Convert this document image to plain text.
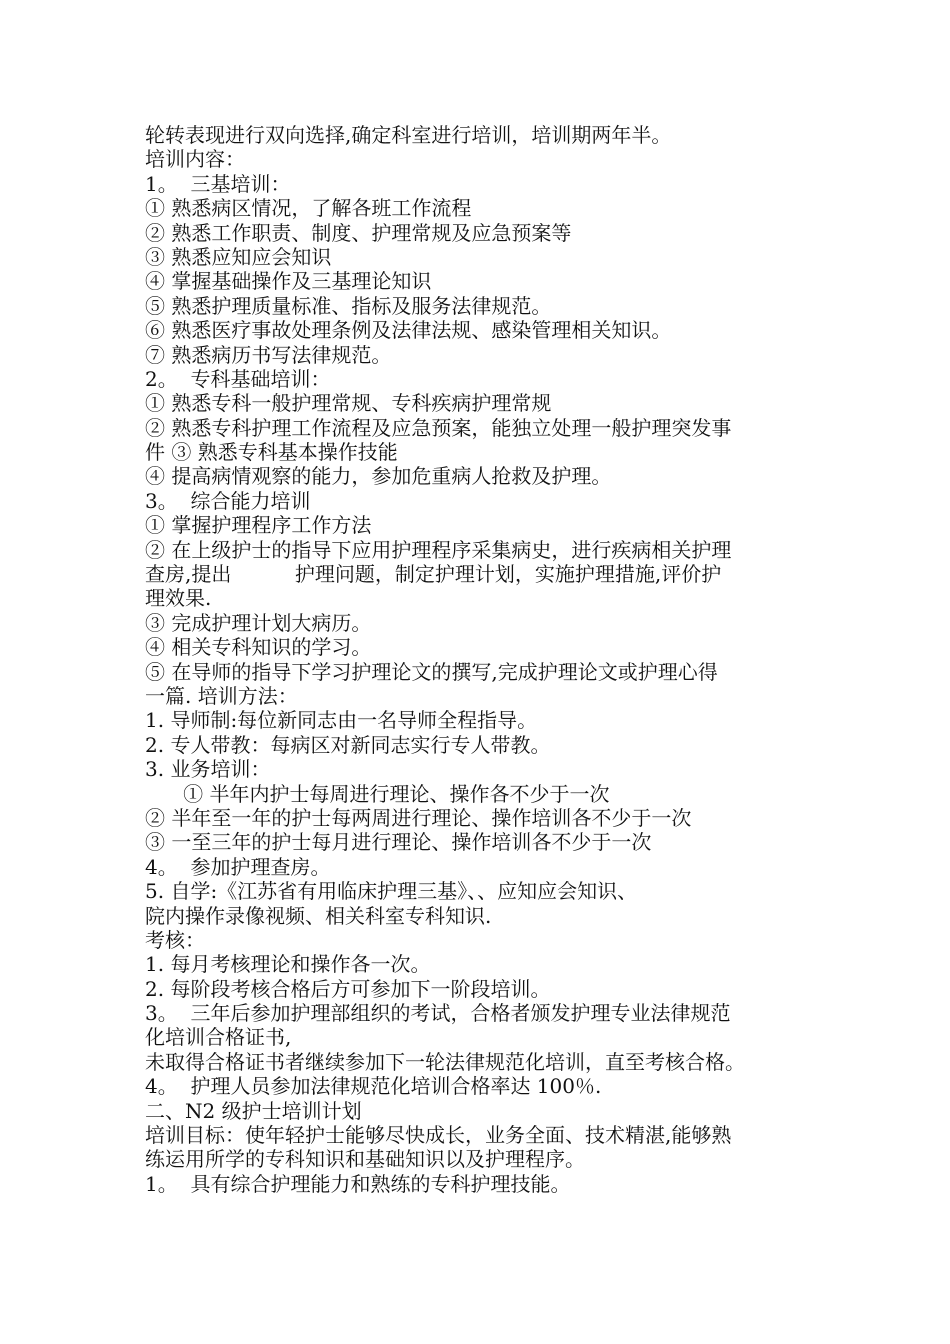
轮转表现进行双向选择,确定科室进行培训，培训期两年半。
培训内容：
1。  三基培训：
① 熟悉病区情况，了解各班工作流程
② 熟悉工作职责、制度、护理常规及应急预案等
③ 熟悉应知应会知识
④ 掌握基础操作及三基理论知识
⑤ 熟悉护理质量标准、指标及服务法律规范。
⑥ 熟悉医疗事故处理条例及法律法规、感染管理相关知识。
⑦ 熟悉病历书写法律规范。
2。  专科基础培训：
① 熟悉专科一般护理常规、专科疾病护理常规
② 熟悉专科护理工作流程及应急预案，能独立处理一般护理突发事
件 ③ 熟悉专科基本操作技能
④ 提高病情观察的能力，参加危重病人抢救及护理。
3。  综合能力培训
① 掌握护理程序工作方法
② 在上级护士的指导下应用护理程序采集病史，进行疾病相关护理
查房,提出          护理问题，制定护理计划，实施护理措施,评价护
理效果.
③ 完成护理计划大病历。
④ 相关专科知识的学习。
⑤ 在导师的指导下学习护理论文的撰写,完成护理论文或护理心得
一篇. 培训方法：
1. 导师制:每位新同志由一名导师全程指导。
2. 专人带教：每病区对新同志实行专人带教。
3. 业务培训：
① 半年内护士每周进行理论、操作各不少于一次
② 半年至一年的护士每两周进行理论、操作培训各不少于一次
③ 一至三年的护士每月进行理论、操作培训各不少于一次
4。  参加护理查房。
5. 自学:《江苏省有用临床护理三基》、、应知应会知识、
院内操作录像视频、相关科室专科知识.
考核：
1. 每月考核理论和操作各一次。
2. 每阶段考核合格后方可参加下一阶段培训。
3。  三年后参加护理部组织的考试，合格者颁发护理专业法律规范
化培训合格证书,
未取得合格证书者继续参加下一轮法律规范化培训，直至考核合格。
4。  护理人员参加法律规范化培训合格率达 100％.
二、N2 级护士培训计划
培训目标：使年轻护士能够尽快成长，业务全面、技术精湛,能够熟
练运用所学的专科知识和基础知识以及护理程序。
1。  具有综合护理能力和熟练的专科护理技能。
